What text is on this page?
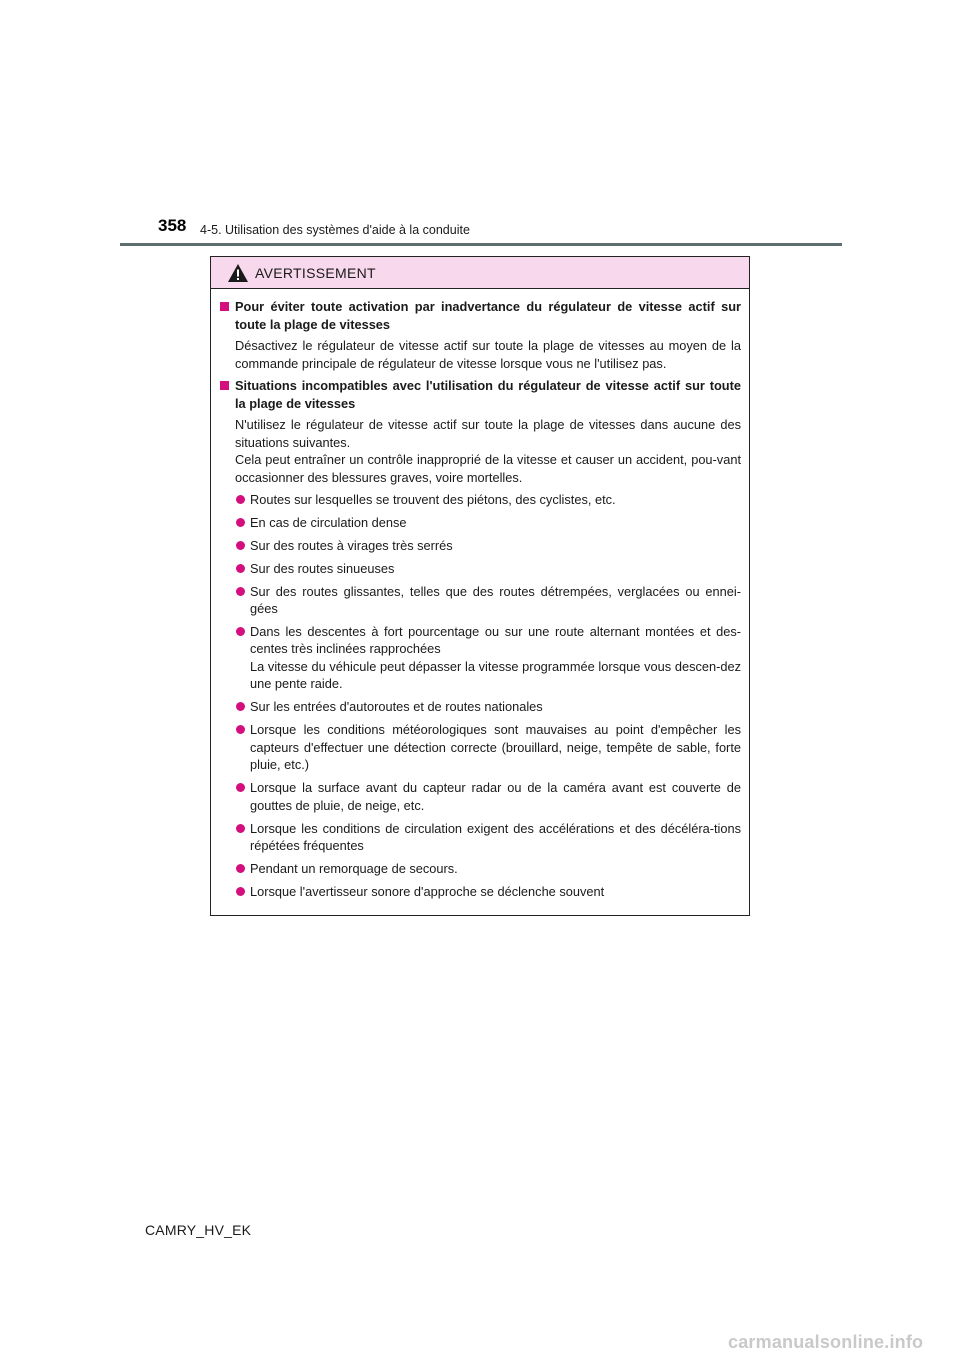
358 4-5. Utilisation des systèmes d'aide à la conduite
AVERTISSEMENT
Pour éviter toute activation par inadvertance du régulateur de vitesse actif sur toute la plage de vitesses

Désactivez le régulateur de vitesse actif sur toute la plage de vitesses au moyen de la commande principale de régulateur de vitesse lorsque vous ne l'utilisez pas.

Situations incompatibles avec l'utilisation du régulateur de vitesse actif sur toute la plage de vitesses

N'utilisez le régulateur de vitesse actif sur toute la plage de vitesses dans aucune des situations suivantes.

Cela peut entraîner un contrôle inapproprié de la vitesse et causer un accident, pou-vant occasionner des blessures graves, voire mortelles.

Routes sur lesquelles se trouvent des piétons, des cyclistes, etc.

En cas de circulation dense

Sur des routes à virages très serrés

Sur des routes sinueuses

Sur des routes glissantes, telles que des routes détrempées, verglacées ou ennei-gées

Dans les descentes à fort pourcentage ou sur une route alternant montées et des-centes très inclinées rapprochées

La vitesse du véhicule peut dépasser la vitesse programmée lorsque vous descen-dez une pente raide.

Sur les entrées d'autoroutes et de routes nationales

Lorsque les conditions météorologiques sont mauvaises au point d'empêcher les capteurs d'effectuer une détection correcte (brouillard, neige, tempête de sable, forte pluie, etc.)

Lorsque la surface avant du capteur radar ou de la caméra avant est couverte de gouttes de pluie, de neige, etc.

Lorsque les conditions de circulation exigent des accélérations et des décéléra-tions répétées fréquentes

Pendant un remorquage de secours.

Lorsque l'avertisseur sonore d'approche se déclenche souvent

CAMRY_HV_EK
carmanualsonline.info
